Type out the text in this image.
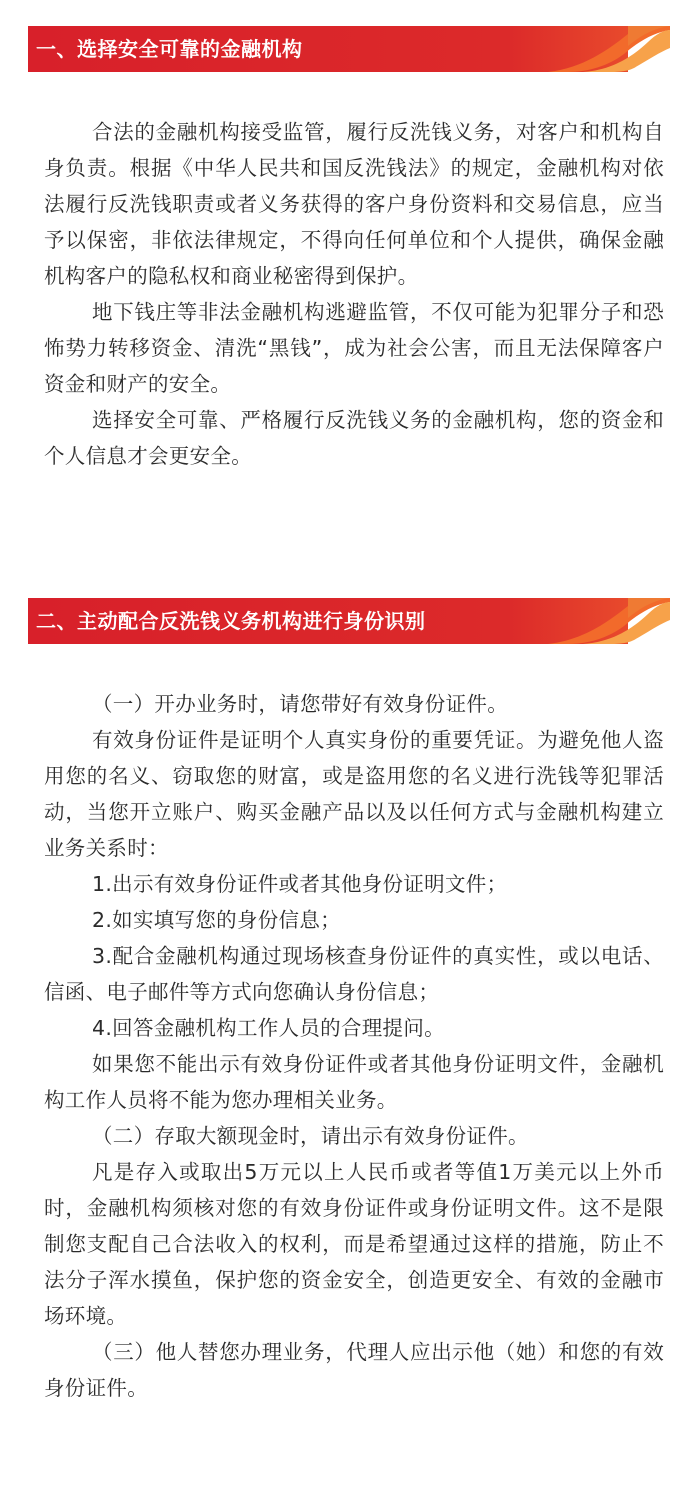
一、选择安全可靠的金融机构

合法的金融机构接受监管，履行反洗钱义务，对客户和机构自身负责。根据《中华人民共和国反洗钱法》的规定，金融机构对依法履行反洗钱职责或者义务获得的客户身份资料和交易信息，应当予以保密，非依法律规定，不得向任何单位和个人提供，确保金融机构客户的隐私权和商业秘密得到保护。

地下钱庄等非法金融机构逃避监管，不仅可能为犯罪分子和恐怖势力转移资金、清洗“黑钱”，成为社会公害，而且无法保障客户资金和财产的安全。

选择安全可靠、严格履行反洗钱义务的金融机构，您的资金和个人信息才会更安全。

二、主动配合反洗钱义务机构进行身份识别

（一）开办业务时，请您带好有效身份证件。

有效身份证件是证明个人真实身份的重要凭证。为避免他人盗用您的名义、窃取您的财富，或是盗用您的名义进行洗钱等犯罪活动，当您开立账户、购买金融产品以及以任何方式与金融机构建立业务关系时：

1.出示有效身份证件或者其他身份证明文件；

2.如实填写您的身份信息；

3.配合金融机构通过现场核查身份证件的真实性，或以电话、信函、电子邮件等方式向您确认身份信息；

4.回答金融机构工作人员的合理提问。

如果您不能出示有效身份证件或者其他身份证明文件，金融机构工作人员将不能为您办理相关业务。

（二）存取大额现金时，请出示有效身份证件。

凡是存入或取出5万元以上人民币或者等值1万美元以上外币时，金融机构须核对您的有效身份证件或身份证明文件。这不是限制您支配自己合法收入的权利，而是希望通过这样的措施，防止不法分子浑水摸鱼，保护您的资金安全，创造更安全、有效的金融市场环境。

（三）他人替您办理业务，代理人应出示他（她）和您的有效身份证件。
